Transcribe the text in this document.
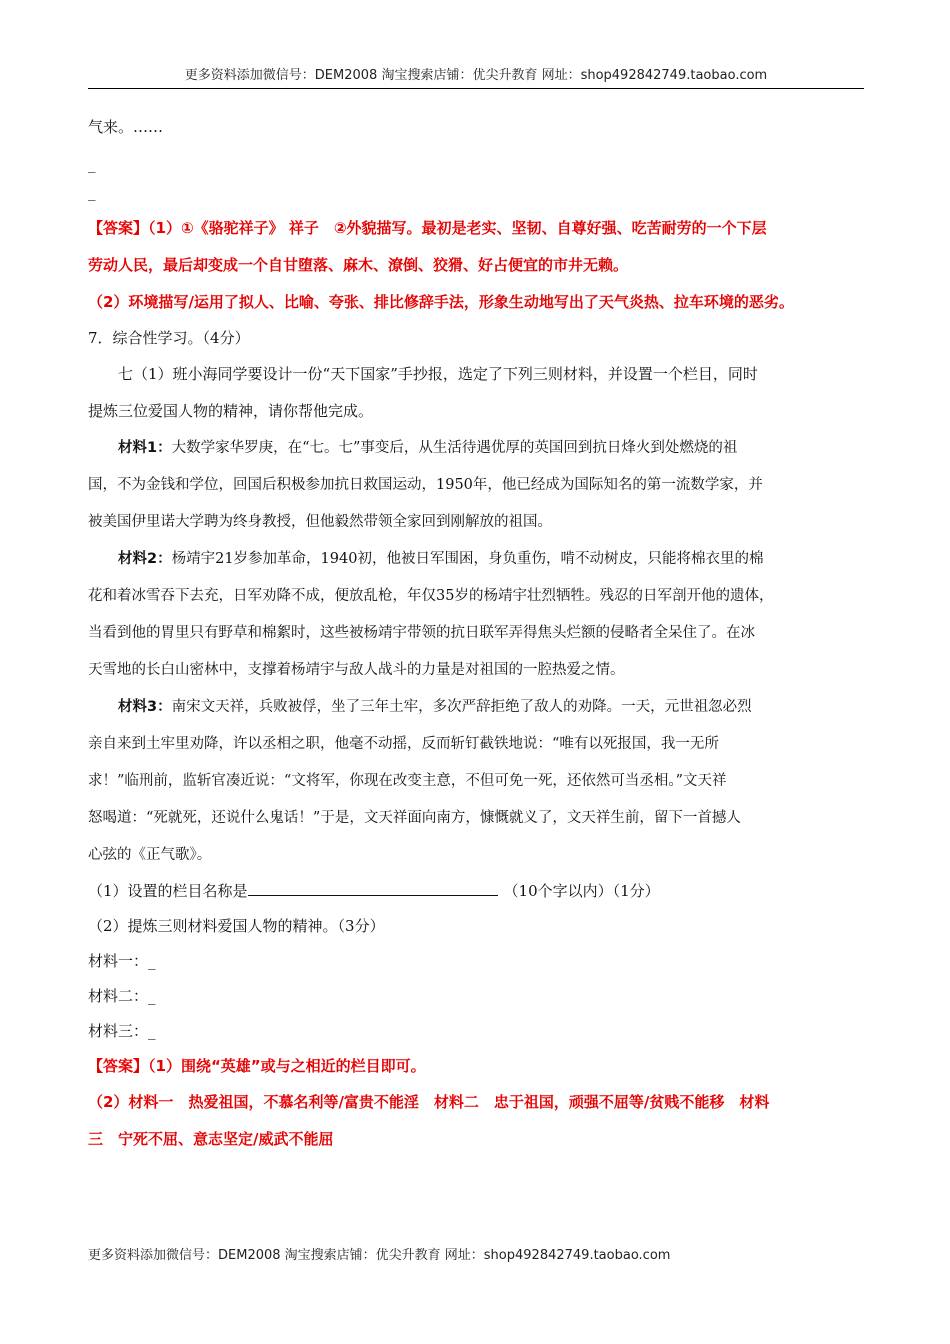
更多资料添加微信号：DEM2008 淘宝搜索店铺：优尖升教育 网址：shop492842749.taobao.com
气来。……
_
_
【答案】（1）①《骆驼祥子》 祥子　②外貌描写。最初是老实、坚韧、自尊好强、吃苦耐劳的一个下层
劳动人民，最后却变成一个自甘堕落、麻木、潦倒、狡猾、好占便宜的市井无赖。
（2）环境描写/运用了拟人、比喻、夸张、排比修辞手法，形象生动地写出了天气炎热、拉车环境的恶劣。
7．综合性学习。（4分）
七（1）班小海同学要设计一份“天下国家”手抄报，选定了下列三则材料，并设置一个栏目，同时
提炼三位爱国人物的精神，请你帮他完成。
材料1：大数学家华罗庚，在“七。七”事变后，从生活待遇优厚的英国回到抗日烽火到处燃烧的祖
国，不为金钱和学位，回国后积极参加抗日救国运动，1950年，他已经成为国际知名的第一流数学家，并
被美国伊里诺大学聘为终身教授，但他毅然带领全家回到刚解放的祖国。
材料2：杨靖宇21岁参加革命，1940初，他被日军围困，身负重伤，啃不动树皮，只能将棉衣里的棉
花和着冰雪吞下去充，日军劝降不成，便放乱枪，年仅35岁的杨靖宇壮烈牺牲。残忍的日军剖开他的遗体，
当看到他的胃里只有野草和棉絮时，这些被杨靖宇带领的抗日联军弄得焦头烂额的侵略者全呆住了。在冰
天雪地的长白山密林中，支撑着杨靖宇与敌人战斗的力量是对祖国的一腔热爱之情。
材料3：南宋文天祥，兵败被俘，坐了三年土牢，多次严辞拒绝了敌人的劝降。一天，元世祖忽必烈
亲自来到土牢里劝降，许以丞相之职，他毫不动摇，反而斩钉截铁地说：“唯有以死报国，我一无所
求！”临刑前，监斩官凑近说：“文将军，你现在改变主意，不但可免一死，还依然可当丞相。”文天祥
怒喝道：“死就死，还说什么鬼话！”于是，文天祥面向南方，慷慨就义了，文天祥生前，留下一首撼人
心弦的《正气歌》。
（1）设置的栏目名称是	（10个字以内）（1分）
（2）提炼三则材料爱国人物的精神。（3分）
材料一：_
材料二：_
材料三：_
【答案】（1）围绕“英雄”或与之相近的栏目即可。
（2）材料一　热爱祖国，不慕名利等/富贵不能淫　材料二　忠于祖国，顽强不屈等/贫贱不能移　材料
三　宁死不屈、意志坚定/威武不能屈
更多资料添加微信号：DEM2008 淘宝搜索店铺：优尖升教育 网址：shop492842749.taobao.com
